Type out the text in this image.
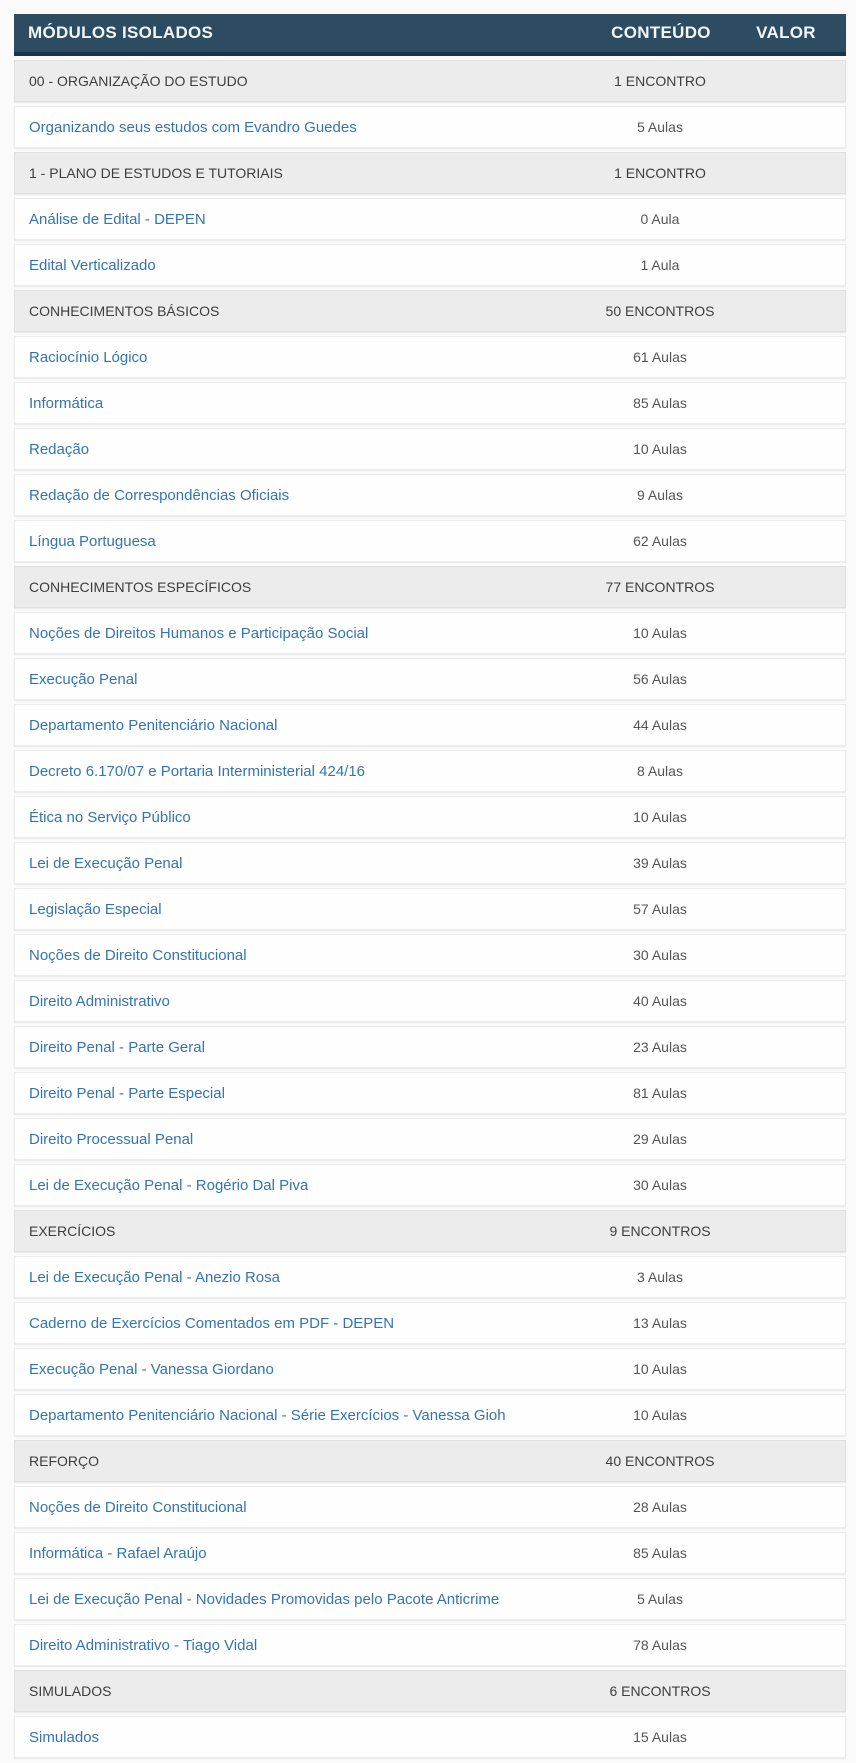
MÓDULOS ISOLADOS	CONTEÚDO	VALOR
00 - ORGANIZAÇÃO DO ESTUDO	1 ENCONTRO
Organizando seus estudos com Evandro Guedes	5 Aulas
1 - PLANO DE ESTUDOS E TUTORIAIS	1 ENCONTRO
Análise de Edital - DEPEN	0 Aula
Edital Verticalizado	1 Aula
CONHECIMENTOS BÁSICOS	50 ENCONTROS
Raciocínio Lógico	61 Aulas
Informática	85 Aulas
Redação	10 Aulas
Redação de Correspondências Oficiais	9 Aulas
Língua Portuguesa	62 Aulas
CONHECIMENTOS ESPECÍFICOS	77 ENCONTROS
Noções de Direitos Humanos e Participação Social	10 Aulas
Execução Penal	56 Aulas
Departamento Penitenciário Nacional	44 Aulas
Decreto 6.170/07 e Portaria Interministerial 424/16	8 Aulas
Ética no Serviço Público	10 Aulas
Lei de Execução Penal	39 Aulas
Legislação Especial	57 Aulas
Noções de Direito Constitucional	30 Aulas
Direito Administrativo	40 Aulas
Direito Penal - Parte Geral	23 Aulas
Direito Penal - Parte Especial	81 Aulas
Direito Processual Penal	29 Aulas
Lei de Execução Penal - Rogério Dal Piva	30 Aulas
EXERCÍCIOS	9 ENCONTROS
Lei de Execução Penal - Anezio Rosa	3 Aulas
Caderno de Exercícios Comentados em PDF - DEPEN	13 Aulas
Execução Penal - Vanessa Giordano	10 Aulas
Departamento Penitenciário Nacional - Série Exercícios - Vanessa Gioh	10 Aulas
REFORÇO	40 ENCONTROS
Noções de Direito Constitucional	28 Aulas
Informática - Rafael Araújo	85 Aulas
Lei de Execução Penal - Novidades Promovidas pelo Pacote Anticrime	5 Aulas
Direito Administrativo - Tiago Vidal	78 Aulas
SIMULADOS	6 ENCONTROS
Simulados	15 Aulas
